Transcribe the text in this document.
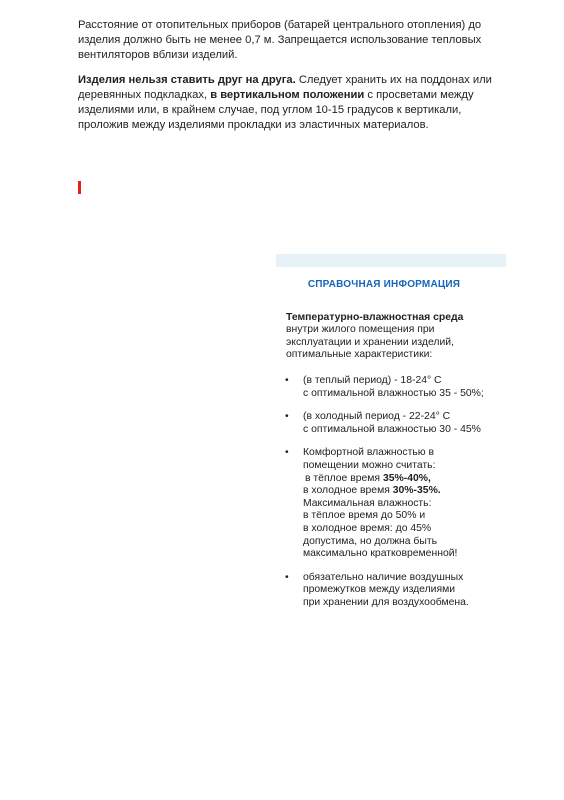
Расстояние от отопительных приборов (батарей центрального отопления) до изделия должно быть не менее 0,7 м. Запрещается использование тепловых вентиляторов вблизи изделий.

Изделия нельзя ставить друг на друга. Следует хранить их на поддонах или деревянных подкладках, в вертикальном положении с просветами между изделиями или, в крайнем случае, под углом 10-15 градусов к вертикали, проложив между изделиями прокладки из эластичных материалов.

СПРАВОЧНАЯ ИНФОРМАЦИЯ
Температурно-влажностная среда
внутри жилого помещения при
эксплуатации и хранении изделий,
оптимальные характеристики:
• (в теплый период) - 18-24° С
с оптимальной влажностью 35 - 50%;
• (в холодный период - 22-24° С
с оптимальной влажностью 30 - 45%
• Комфортной влажностью в
помещении можно считать:
в тёплое время 35%-40%,
в холодное время 30%-35%.
Максимальная влажность:
в тёплое время до 50% и
в холодное время: до 45%
допустима, но должна быть
максимально кратковременной!
• обязательно наличие воздушных
промежутков между изделиями
при хранении для воздухообмена.
